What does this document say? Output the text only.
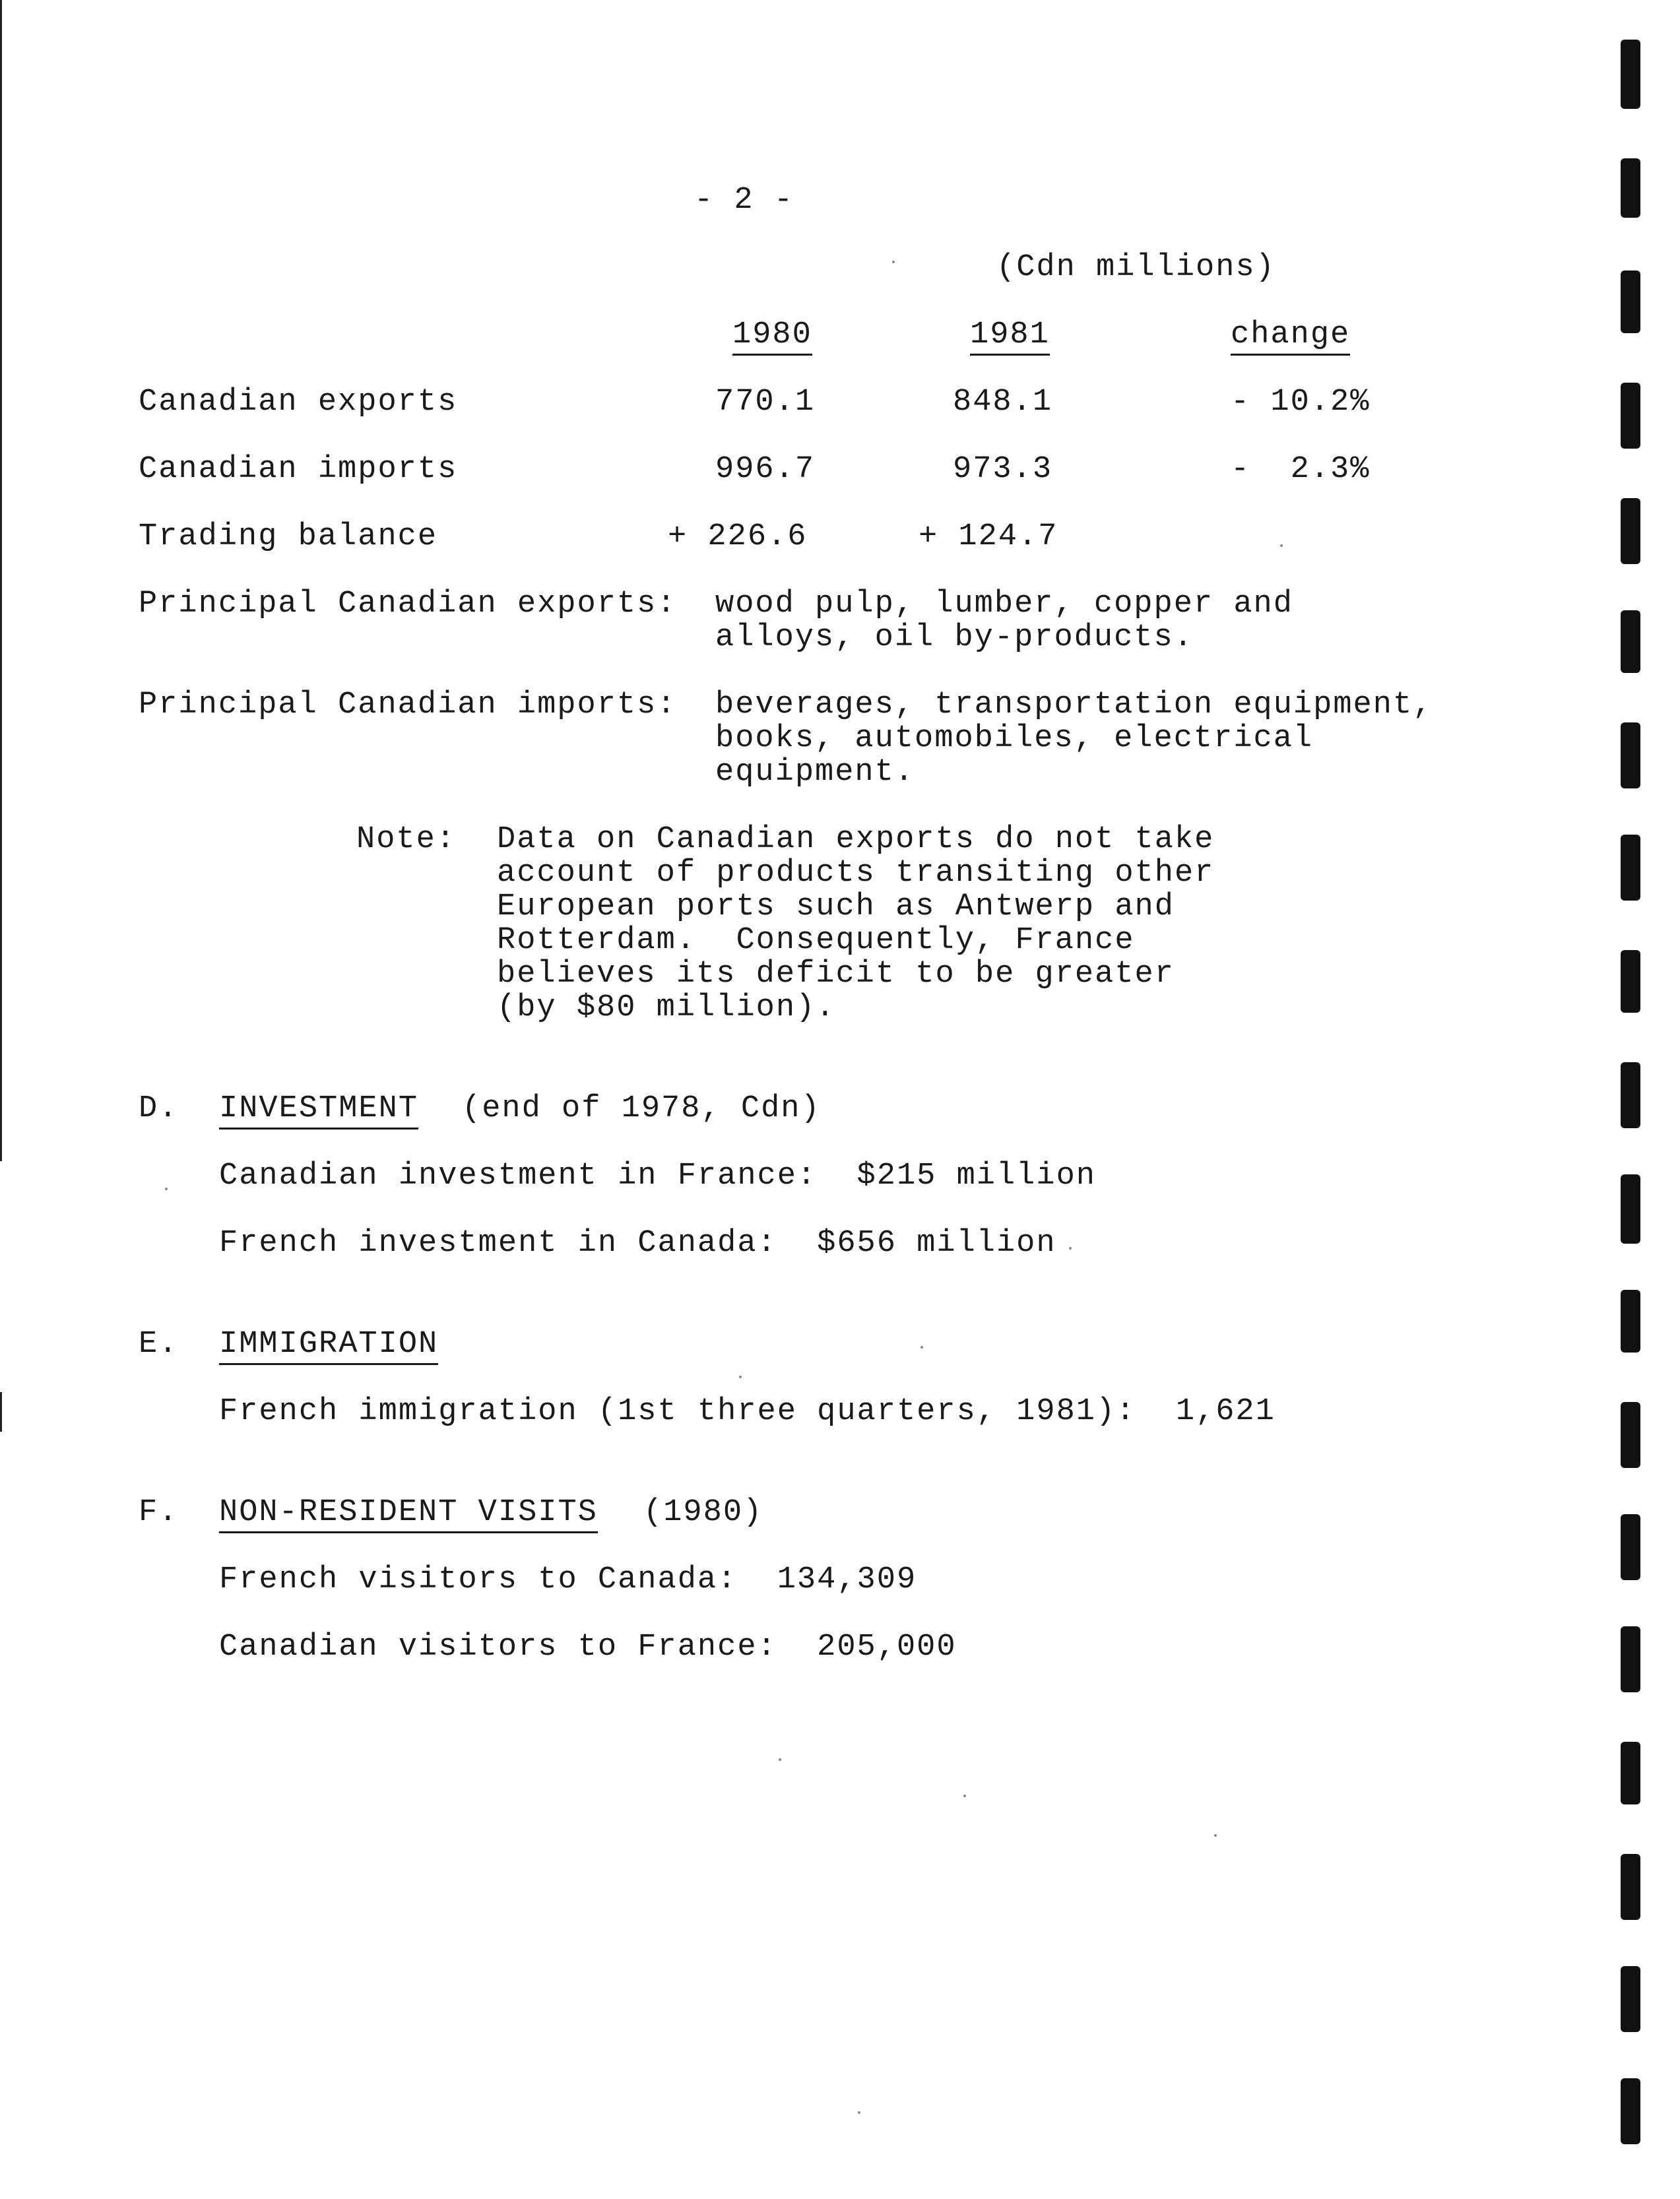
- 2 -
(Cdn millions)
1980	1981	change
Canadian exports	770.1	848.1	- 10.2%
Canadian imports	996.7	973.3	-  2.3%
Trading balance	+ 226.6	+ 124.7
Principal Canadian exports: wood pulp, lumber, copper and
alloys, oil by-products.
Principal Canadian imports: beverages, transportation equipment,
books, automobiles, electrical
equipment.
Note: Data on Canadian exports do not take
account of products transiting other
European ports such as Antwerp and
Rotterdam.  Consequently, France
believes its deficit to be greater
(by $80 million).
D. INVESTMENT (end of 1978, Cdn)
Canadian investment in France:  $215 million
French investment in Canada:  $656 million
E. IMMIGRATION
French immigration (1st three quarters, 1981):  1,621
F. NON-RESIDENT VISITS (1980)
French visitors to Canada:  134,309
Canadian visitors to France:  205,000
